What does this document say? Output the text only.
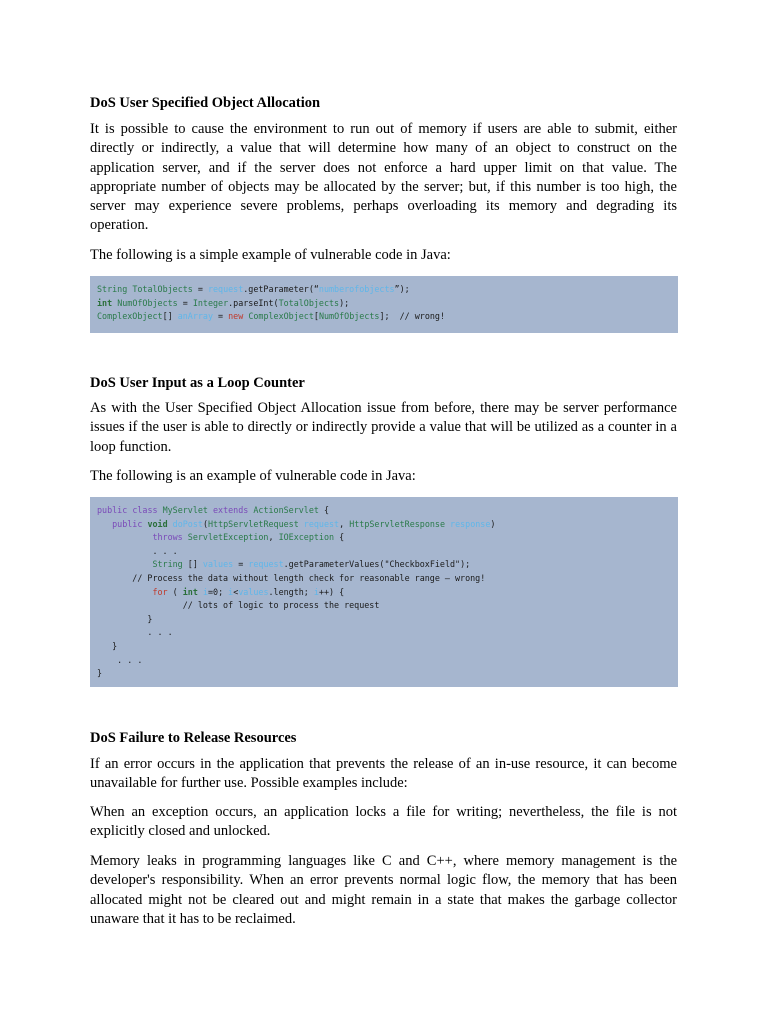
DoS User Specified Object Allocation

It is possible to cause the environment to run out of memory if users are able to submit, either directly or indirectly, a value that will determine how many of an object to construct on the application server, and if the server does not enforce a hard upper limit on that value. The appropriate number of objects may be allocated by the server; but, if this number is too high, the server may experience severe problems, perhaps overloading its memory and degrading its operation.

The following is a simple example of vulnerable code in Java:

String TotalObjects = request.getParameter(“numberofobjects”);
int NumOfObjects = Integer.parseInt(TotalObjects);
ComplexObject[] anArray = new ComplexObject[NumOfObjects];  // wrong!
DoS User Input as a Loop Counter

As with the User Specified Object Allocation issue from before, there may be server performance issues if the user is able to directly or indirectly provide a value that will be utilized as a counter in a loop function.

The following is an example of vulnerable code in Java:

public class MyServlet extends ActionServlet {
public void doPost(HttpServletRequest request, HttpServletResponse response)
throws ServletException, IOException {
. . .
String [] values = request.getParameterValues("CheckboxField");
// Process the data without length check for reasonable range – wrong!
for ( int i=0; i<values.length; i++) {
// lots of logic to process the request
}
. . .
}
. . .
}
DoS Failure to Release Resources

If an error occurs in the application that prevents the release of an in-use resource, it can become unavailable for further use. Possible examples include:

When an exception occurs, an application locks a file for writing; nevertheless, the file is not explicitly closed and unlocked.

Memory leaks in programming languages like C and C++, where memory management is the developer's responsibility. When an error prevents normal logic flow, the memory that has been allocated might not be cleared out and might remain in a state that makes the garbage collector unaware that it has to be reclaimed.
